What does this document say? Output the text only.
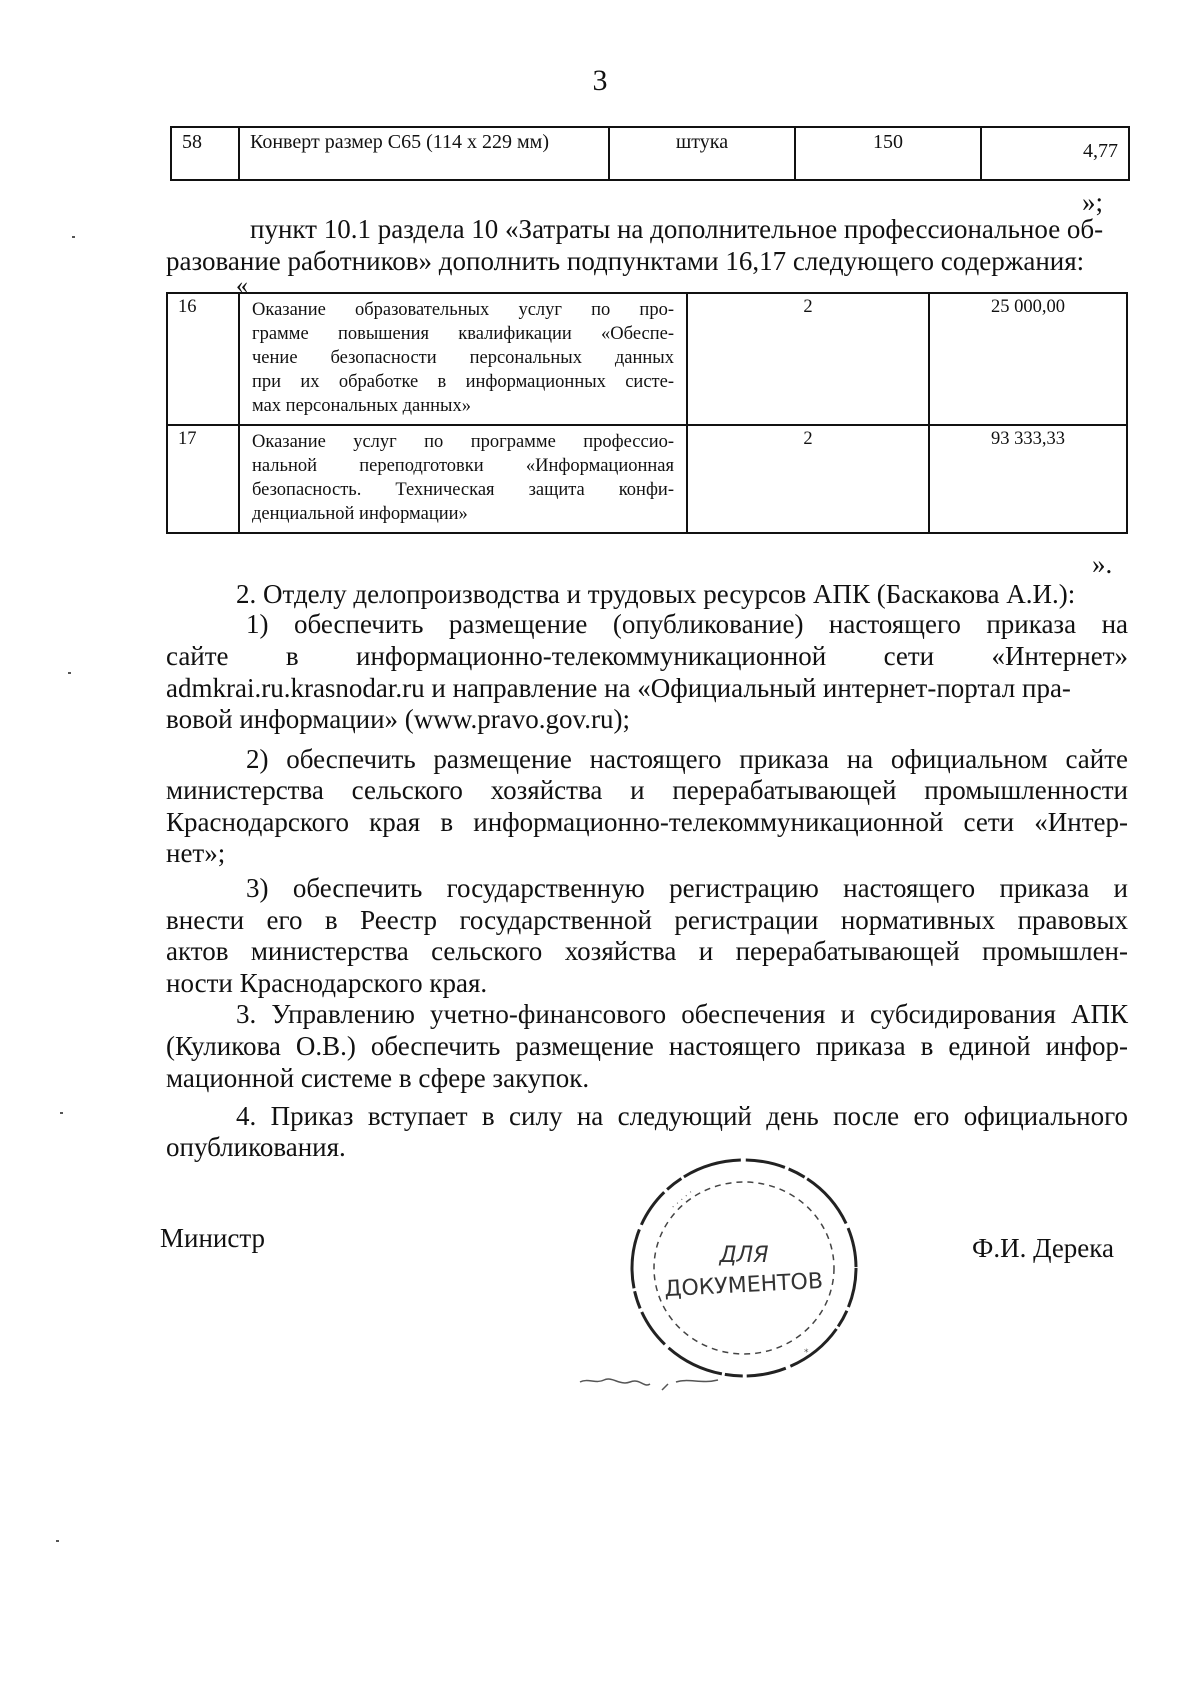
3
58	Конверт размер С65 (114 х 229 мм)	штука	150	4,77
»;
пункт 10.1 раздела 10 «Затраты на дополнительное профессиональное об-
разование работников» дополнить подпунктами 16,17 следующего содержания:
«
16	Оказание образовательных услуг по про-
грамме повышения квалификации «Обеспе-
чение безопасности персональных данных
при их обработке в информационных систе-
мах персональных данных»	2	25 000,00
17	Оказание услуг по программе профессио-
нальной переподготовки «Информационная
безопасность. Техническая защита конфи-
денциальной информации»	2	93 333,33
».
2. Отделу делопроизводства и трудовых ресурсов АПК (Баскакова А.И.):
1) обеспечить размещение (опубликование) настоящего приказа на
сайте в информационно-телекоммуникационной сети «Интернет»
admkrai.ru.krasnodar.ru и направление на «Официальный интернет-портал пра-
вовой информации» (www.pravo.gov.ru);
2) обеспечить размещение настоящего приказа на официальном сайте
министерства сельского хозяйства и перерабатывающей промышленности
Краснодарского края в информационно-телекоммуникационной сети «Интер-
нет»;
3) обеспечить государственную регистрацию настоящего приказа и
внести его в Реестр государственной регистрации нормативных правовых
актов министерства сельского хозяйства и перерабатывающей промышлен-
ности Краснодарского края.
3. Управлению учетно-финансового обеспечения и субсидирования АПК
(Куликова О.В.) обеспечить размещение настоящего приказа в единой инфор-
мационной системе в сфере закупок.
4. Приказ вступает в силу на следующий день после его официального
опубликования.
Министр	Ф.И. Дерека
· · · · ·
*
ДЛЯ
ДОКУМЕНТОВ
